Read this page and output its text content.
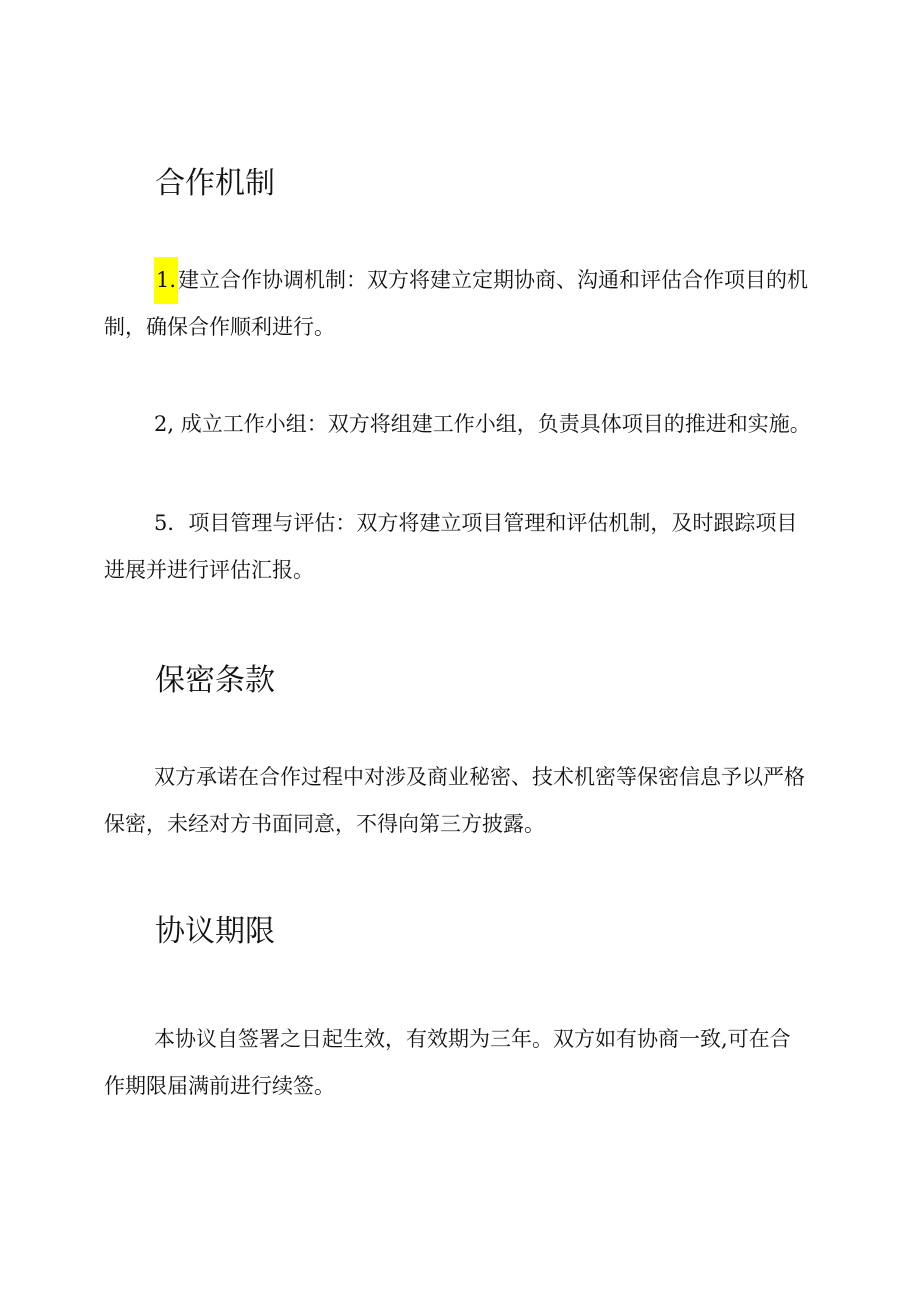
合作机制

1.建立合作协调机制：双方将建立定期协商、沟通和评估合作项目的机
制，确保合作顺利进行。

2, 成立工作小组：双方将组建工作小组，负责具体项目的推进和实施。

5．项目管理与评估：双方将建立项目管理和评估机制，及时跟踪项目
进展并进行评估汇报。

保密条款

双方承诺在合作过程中对涉及商业秘密、技术机密等保密信息予以严格
保密，未经对方书面同意，不得向第三方披露。

协议期限

本协议自签署之日起生效，有效期为三年。双方如有协商一致,可在合
作期限届满前进行续签。
